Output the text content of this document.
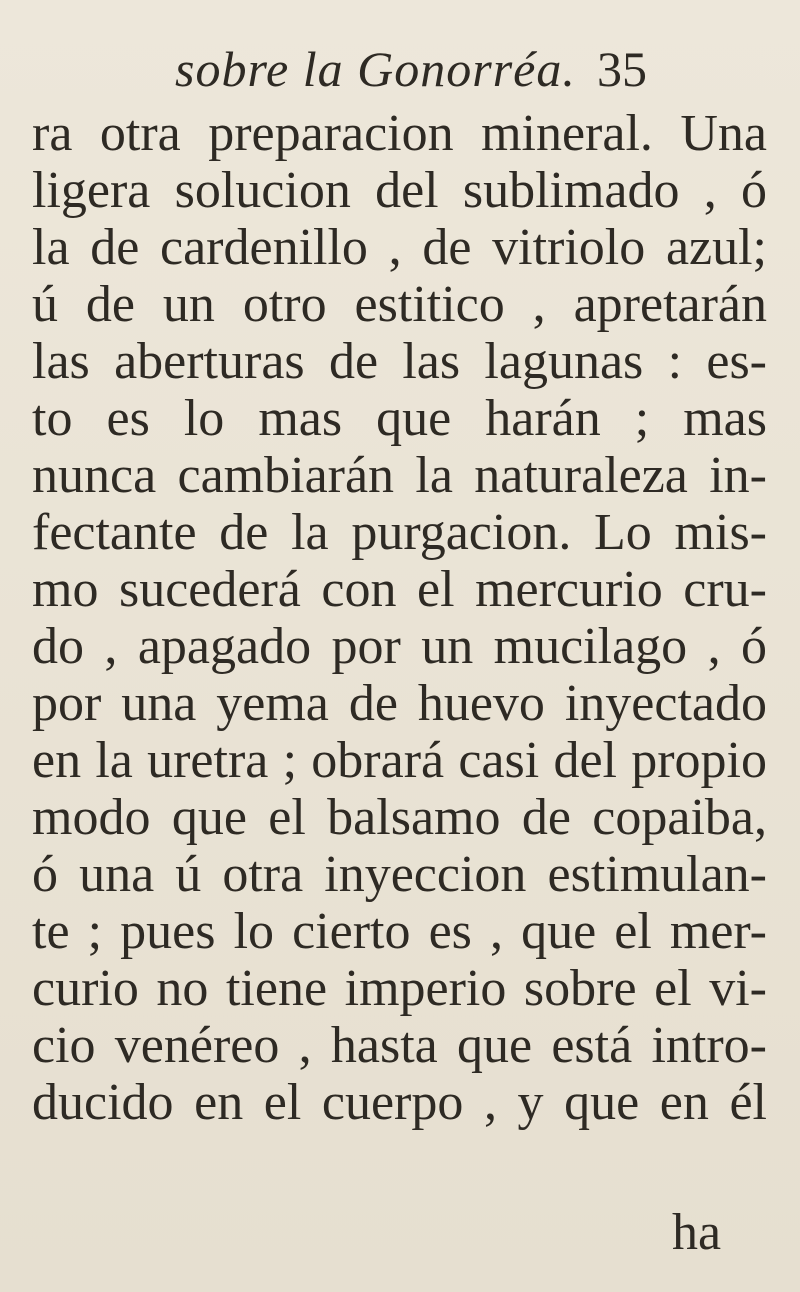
sobre la Gonorréa. 35
ra otra preparacion mineral. Una
ligera solucion del sublimado , ó
la de cardenillo , de vitriolo azul;
ú de un otro estitico , apretarán
las aberturas de las lagunas : es-
to es lo mas que harán ; mas
nunca cambiarán la naturaleza in-
fectante de la purgacion. Lo mis-
mo sucederá con el mercurio cru-
do , apagado por un mucilago , ó
por una yema de huevo inyectado
en la uretra ; obrará casi del propio
modo que el balsamo de copaiba,
ó una ú otra inyeccion estimulan-
te ; pues lo cierto es , que el mer-
curio no tiene imperio sobre el vi-
cio venéreo , hasta que está intro-
ducido en el cuerpo , y que en él
ha
